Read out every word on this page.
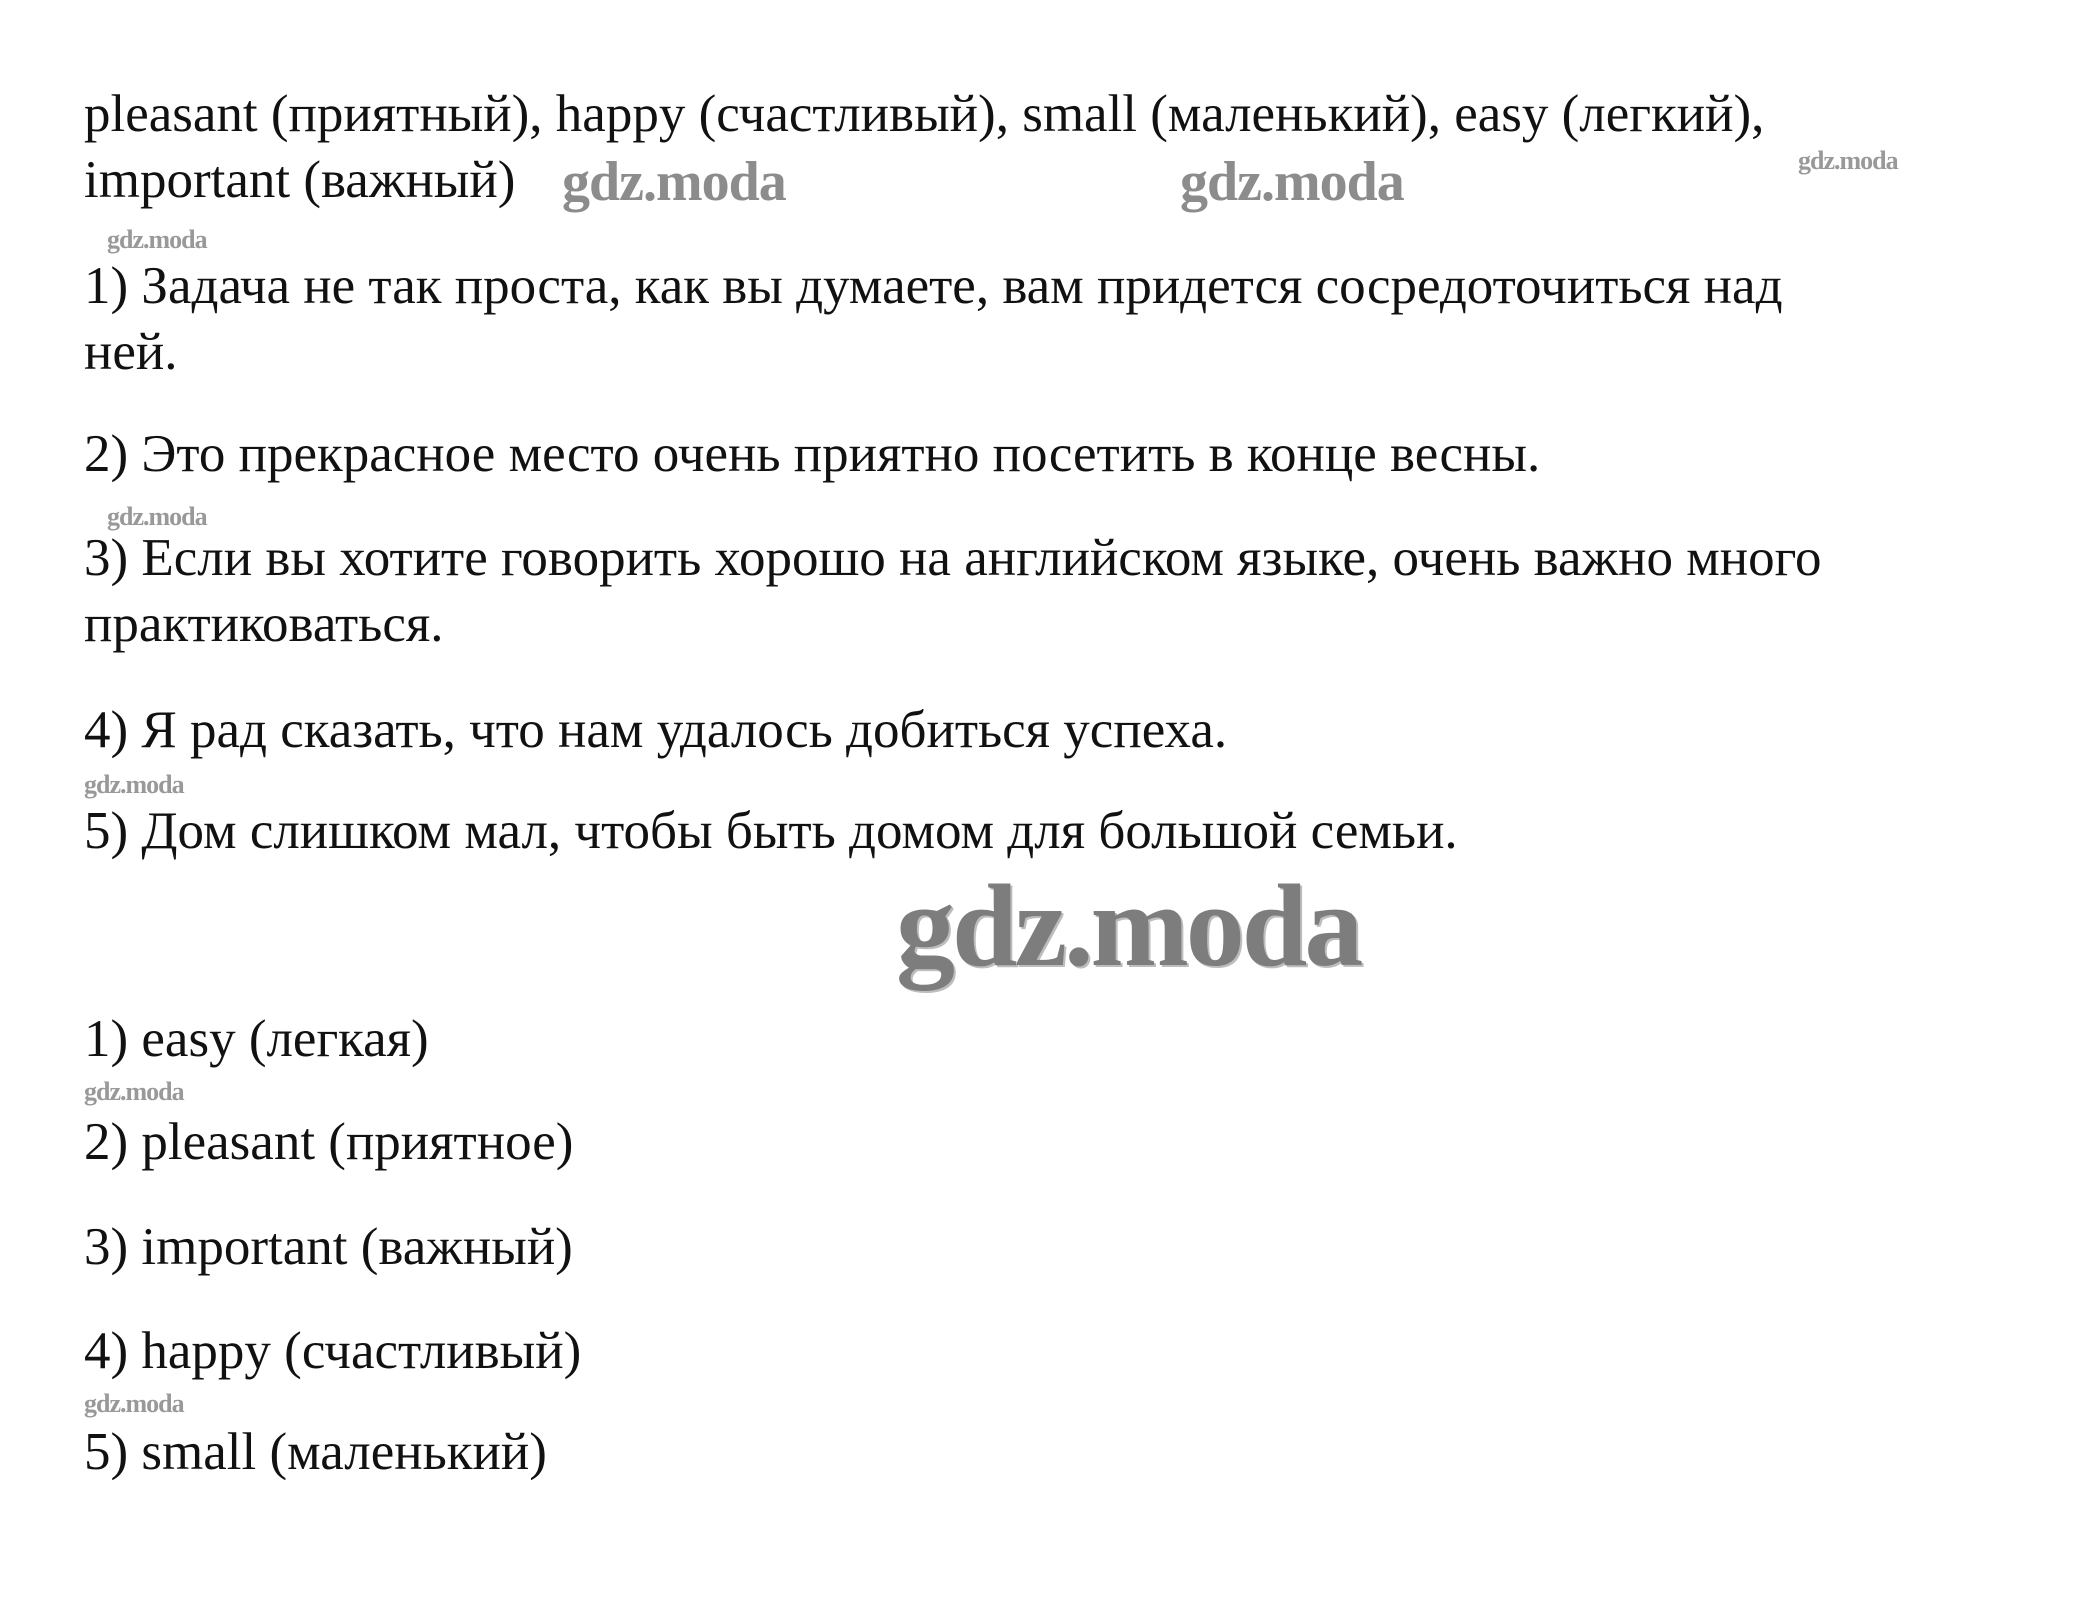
pleasant (приятный), happy (счастливый), small (маленький), easy (легкий),
important (важный)
1) Задача не так проста, как вы думаете, вам придется сосредоточиться над
ней.
2) Это прекрасное место очень приятно посетить в конце весны.
3) Если вы хотите говорить хорошо на английском языке, очень важно много
практиковаться.
4) Я рад сказать, что нам удалось добиться успеха.
5) Дом слишком мал, чтобы быть домом для большой семьи.
1) easy (легкая)
2) pleasant (приятное)
3) important (важный)
4) happy (счастливый)
5) small (маленький)
gdz.moda	gdz.moda	gdz.moda
gdz.moda
gdz.moda
gdz.moda
gdz.moda
gdz.moda
gdz.moda
